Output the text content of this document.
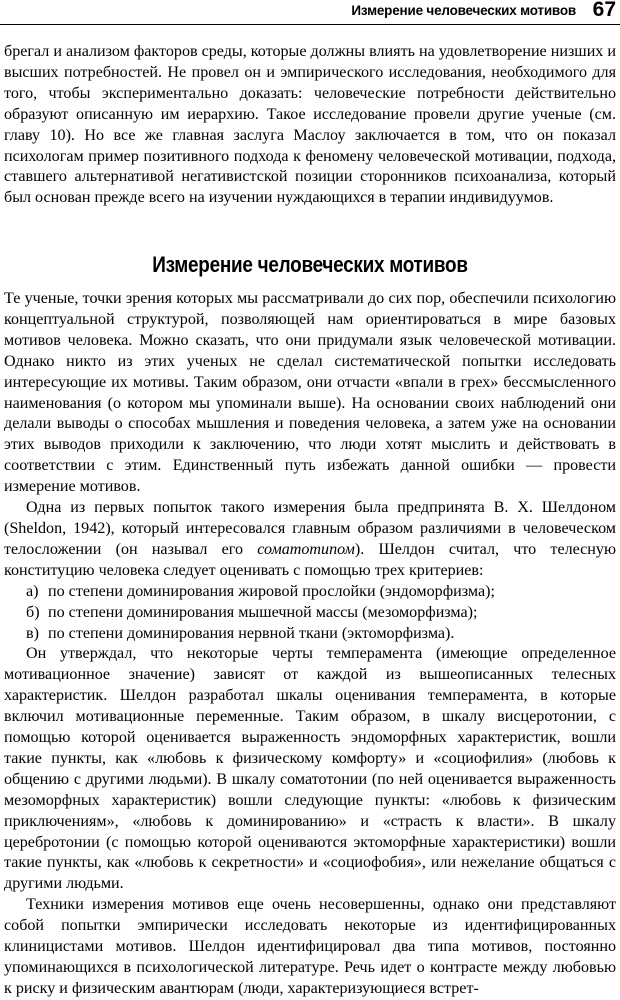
Измерение человеческих мотивов 67

брегал и анализом факторов среды, которые должны влиять на удовлетворение низших и высших потребностей. Не провел он и эмпирического исследования, необходимого для того, чтобы экспериментально доказать: человеческие потребности действительно образуют описанную им иерархию. Такое исследование провели другие ученые (см. главу 10). Но все же главная заслуга Маслоу заключается в том, что он показал психологам пример позитивного подхода к феномену человеческой мотивации, подхода, ставшего альтернативой негативистской позиции сторонников психоанализа, который был основан прежде всего на изучении нуждающихся в терапии индивидуумов.

Измерение человеческих мотивов

Те ученые, точки зрения которых мы рассматривали до сих пор, обеспечили психологию концептуальной структурой, позволяющей нам ориентироваться в мире базовых мотивов человека. Можно сказать, что они придумали язык человеческой мотивации. Однако никто из этих ученых не сделал систематической попытки исследовать интересующие их мотивы. Таким образом, они отчасти «впали в грех» бессмысленного наименования (о котором мы упоминали выше). На основании своих наблюдений они делали выводы о способах мышления и поведения человека, а затем уже на основании этих выводов приходили к заключению, что люди хотят мыслить и действовать в соответствии с этим. Единственный путь избежать данной ошибки — провести измерение мотивов.

Одна из первых попыток такого измерения была предпринята В. Х. Шелдоном (Sheldon, 1942), который интересовался главным образом различиями в человеческом телосложении (он называл его соматотипом). Шелдон считал, что телесную конституцию человека следует оценивать с помощью трех критериев:

а) по степени доминирования жировой прослойки (эндоморфизма);
б) по степени доминирования мышечной массы (мезоморфизма);
в) по степени доминирования нервной ткани (эктоморфизма).

Он утверждал, что некоторые черты темперамента (имеющие определенное мотивационное значение) зависят от каждой из вышеописанных телесных характеристик. Шелдон разработал шкалы оценивания темперамента, в которые включил мотивационные переменные. Таким образом, в шкалу висцеротонии, с помощью которой оценивается выраженность эндоморфных характеристик, вошли такие пункты, как «любовь к физическому комфорту» и «социофилия» (любовь к общению с другими людьми). В шкалу соматотонии (по ней оценивается выраженность мезоморфных характеристик) вошли следующие пункты: «любовь к физическим приключениям», «любовь к доминированию» и «страсть к власти». В шкалу церебротонии (с помощью которой оцениваются эктоморфные характеристики) вошли такие пункты, как «любовь к секретности» и «социофобия», или нежелание общаться с другими людьми.

Техники измерения мотивов еще очень несовершенны, однако они представляют собой попытки эмпирически исследовать некоторые из идентифицированных клиницистами мотивов. Шелдон идентифицировал два типа мотивов, постоянно упоминающихся в психологической литературе. Речь идет о контрасте между любовью к риску и физическим авантюрам (люди, характеризующиеся встрет-
